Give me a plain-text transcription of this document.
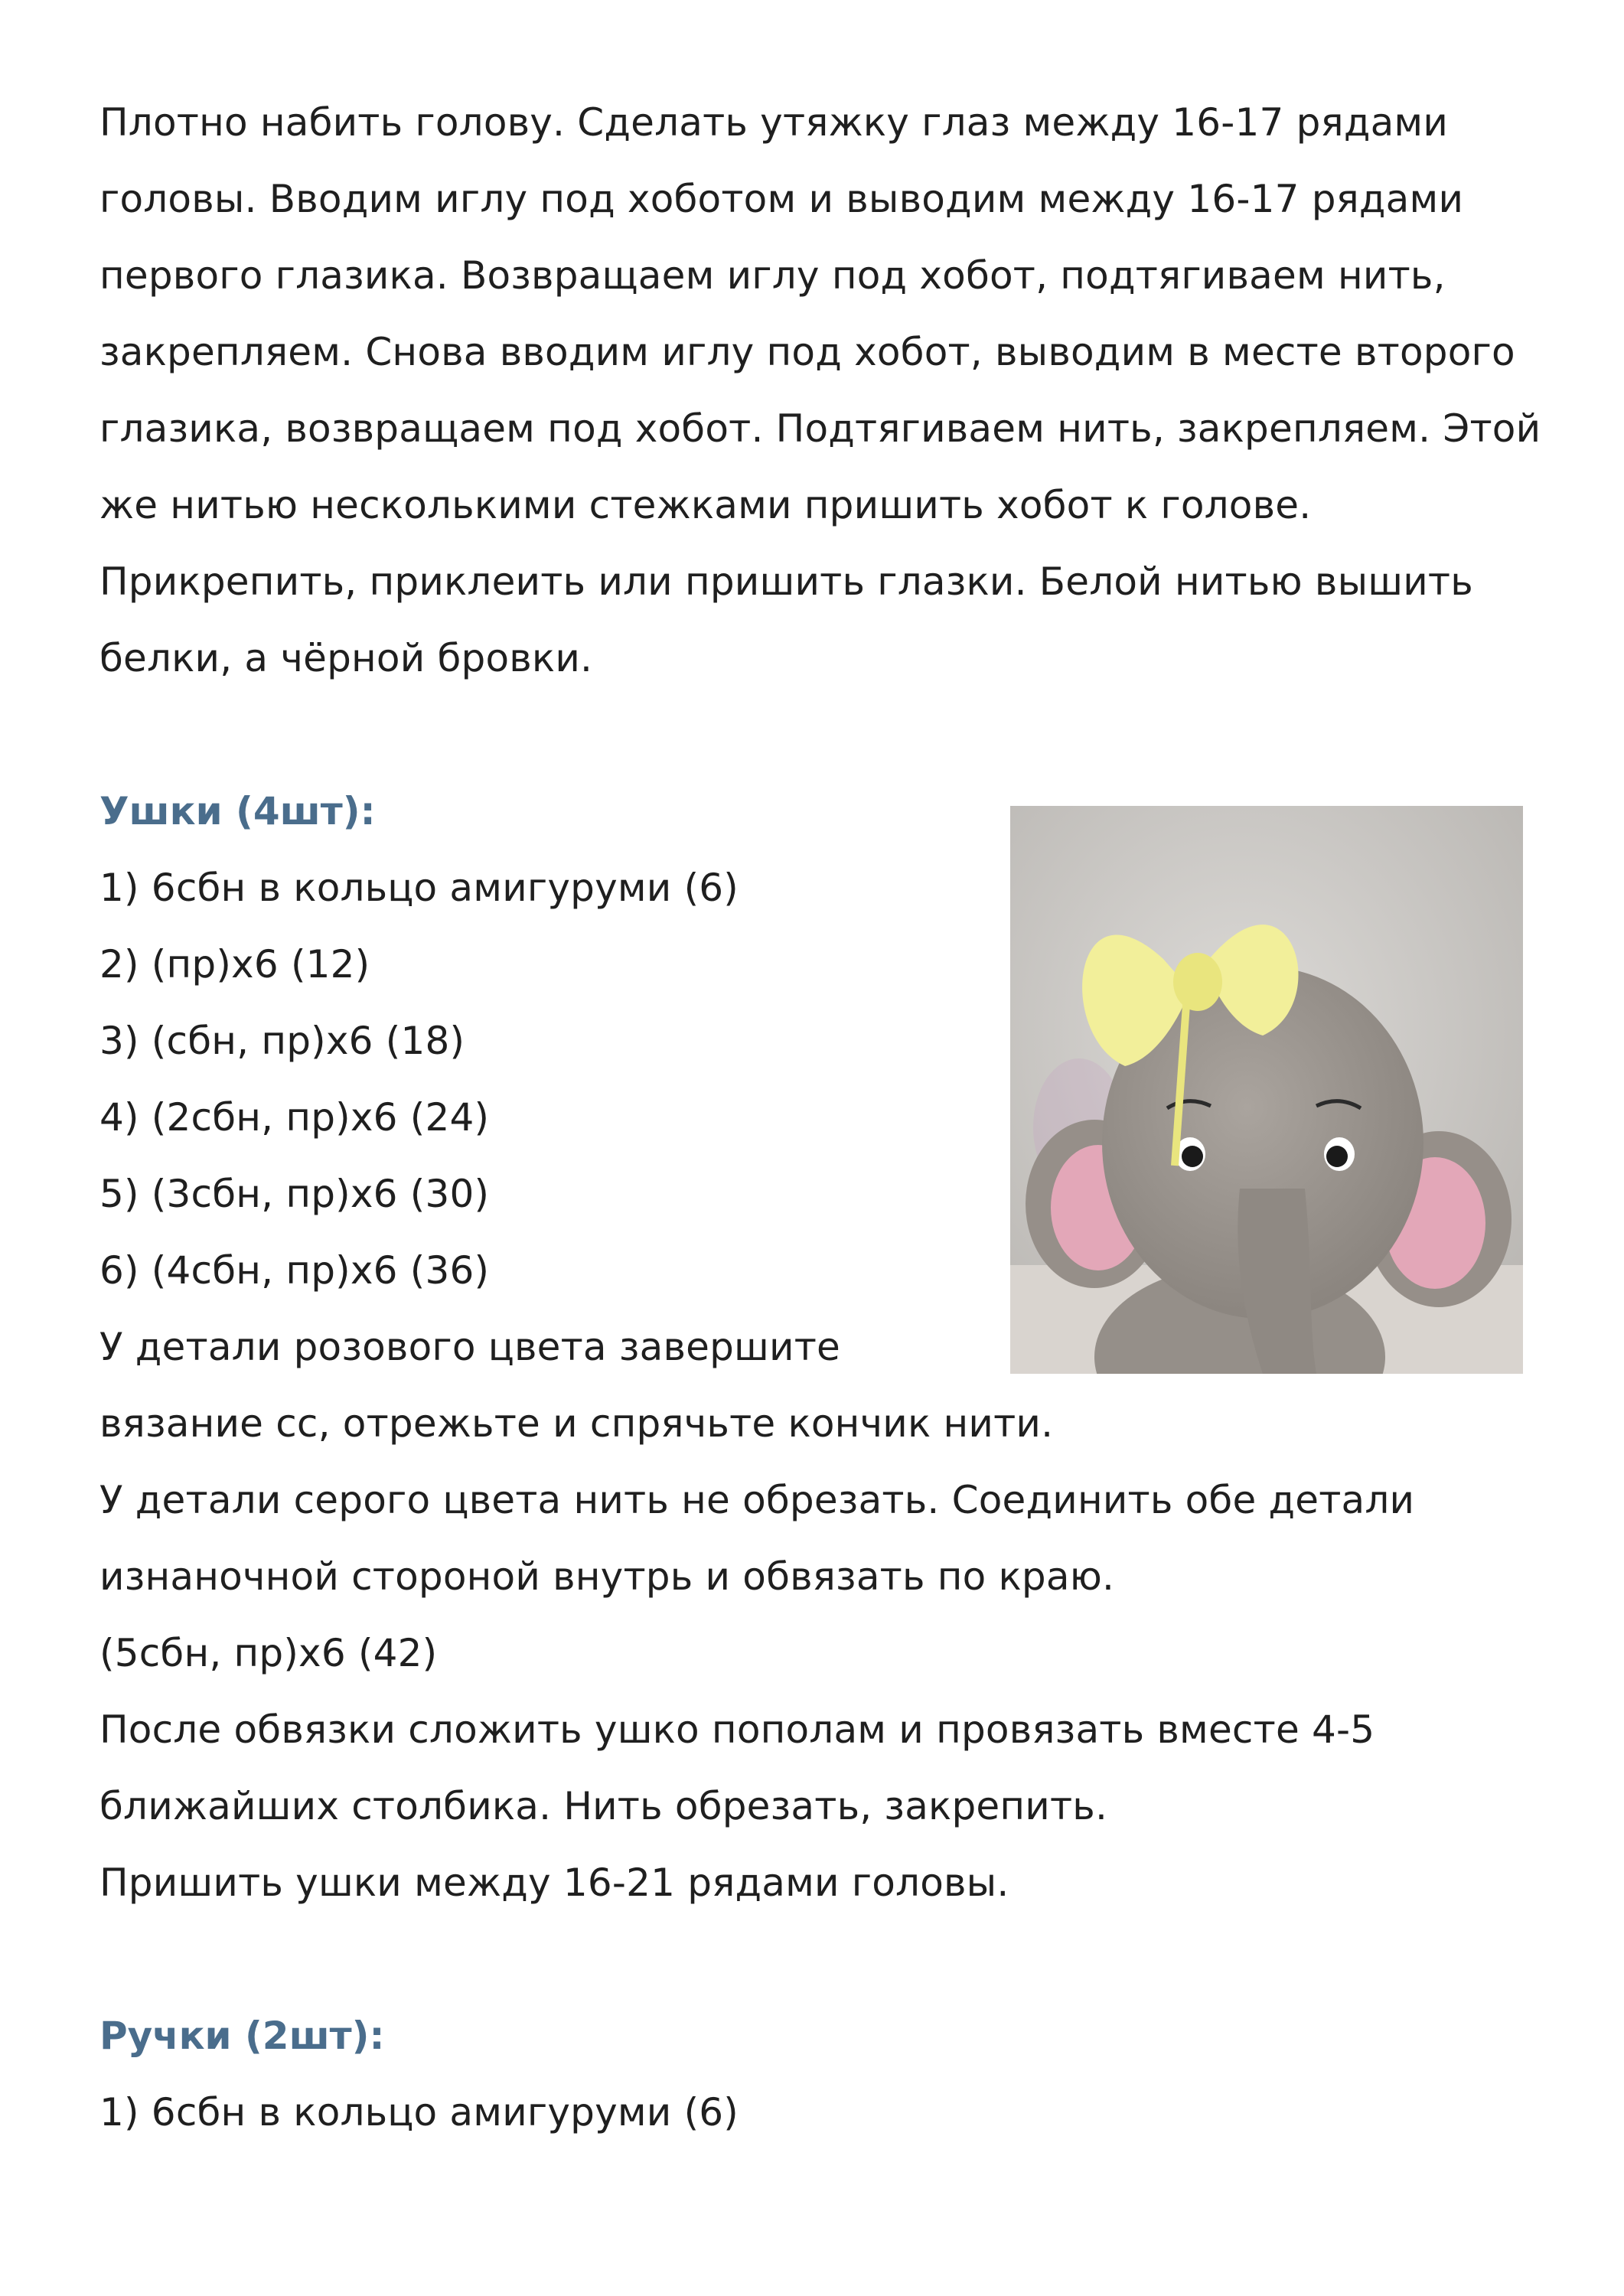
Плотно набить голову. Сделать утяжку глаз между 16-17 рядами
головы. Вводим иглу под хоботом и выводим между 16-17 рядами
первого глазика. Возвращаем иглу под хобот, подтягиваем нить,
закрепляем. Снова вводим иглу под хобот, выводим в месте второго
глазика, возвращаем под хобот. Подтягиваем нить, закрепляем. Этой
же нитью несколькими стежками пришить хобот к голове.
Прикрепить, приклеить или пришить глазки. Белой нитью вышить
белки, а чёрной бровки.
Ушки (4шт):
1) 6сбн в кольцо амигуруми (6)
2) (пр)х6 (12)
3) (сбн, пр)х6 (18)
4) (2сбн, пр)х6 (24)
5) (3сбн, пр)х6 (30)
6) (4сбн, пр)х6 (36)
У детали розового цвета завершите
вязание сс, отрежьте и спрячьте кончик нити.
У детали серого цвета нить не обрезать. Соединить обе детали
изнаночной стороной внутрь и обвязать по краю.
(5сбн, пр)х6 (42)
После обвязки сложить ушко пополам и провязать вместе 4-5
ближайших столбика. Нить обрезать, закрепить.
Пришить ушки между 16-21 рядами головы.
Ручки (2шт):
1) 6сбн в кольцо амигуруми (6)
